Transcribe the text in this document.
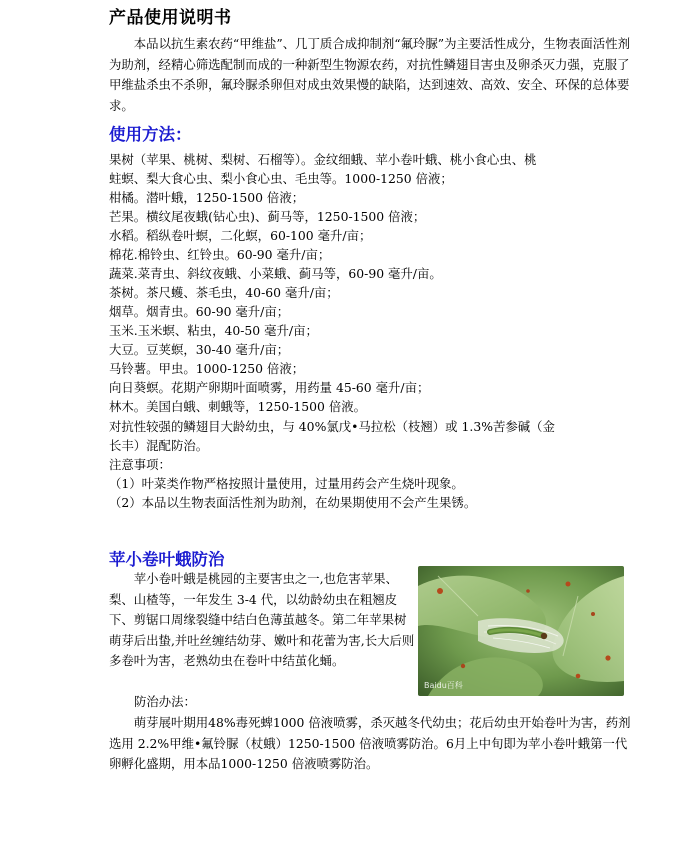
产品使用说明书

本品以抗生素农药“甲维盐”、几丁质合成抑制剂“氟玲脲”为主要活性成分，生物表面活性剂为助剂，经精心筛选配制而成的一种新型生物源农药，对抗性鳞翅目害虫及卵杀灭力强，克服了甲维盐杀虫不杀卵，氟玲脲杀卵但对成虫效果慢的缺陷，达到速效、高效、安全、环保的总体要求。

使用方法：
果树（苹果、桃树、梨树、石榴等）。金纹细蛾、苹小卷叶蛾、桃小食心虫、桃
蛀螟、梨大食心虫、梨小食心虫、毛虫等。1000-1250 倍液；
柑橘。潜叶蛾，1250-1500 倍液；
芒果。横纹尾夜蛾(钻心虫)、蓟马等，1250-1500 倍液；
水稻。稻纵卷叶螟，二化螟，60-100 毫升/亩；
棉花.棉铃虫、红铃虫。60-90 毫升/亩；
蔬菜.菜青虫、斜纹夜蛾、小菜蛾、蓟马等，60-90 毫升/亩。
茶树。茶尺蠖、茶毛虫，40-60 毫升/亩；
烟草。烟青虫。60-90 毫升/亩；
玉米.玉米螟、粘虫，40-50 毫升/亩；
大豆。豆荚螟，30-40 毫升/亩；
马铃薯。甲虫。1000-1250 倍液；
向日葵螟。花期产卵期叶面喷雾，用药量 45-60 毫升/亩；
林木。美国白蛾、刺蛾等，1250-1500 倍液。
对抗性较强的鳞翅目大龄幼虫，与 40%氯戊•马拉松（枝翘）或 1.3%苦参碱（金
长丰）混配防治。
注意事项：
（1）叶菜类作物严格按照计量使用，过量用药会产生烧叶现象。
（2）本品以生物表面活性剂为助剂，在幼果期使用不会产生果锈。
苹小卷叶蛾防治

苹小卷叶蛾是桃园的主要害虫之一,也危害苹果、梨、山楂等，一年发生 3-4 代，以幼龄幼虫在粗翘皮下、剪锯口周缘裂缝中结白色薄茧越冬。第二年苹果树萌芽后出蛰,并吐丝缠结幼芽、嫩叶和花蕾为害,长大后则多卷叶为害，老熟幼虫在卷叶中结茧化蛹。

防治办法：

萌芽展叶期用48%毒死蜱1000 倍液喷雾，杀灭越冬代幼虫；花后幼虫开始卷叶为害，药剂选用 2.2%甲维•氟铃脲（杖蛾）1250-1500 倍液喷雾防治。6月上中旬即为苹小卷叶蛾第一代卵孵化盛期，用本品1000-1250 倍液喷雾防治。

Baidu百科
